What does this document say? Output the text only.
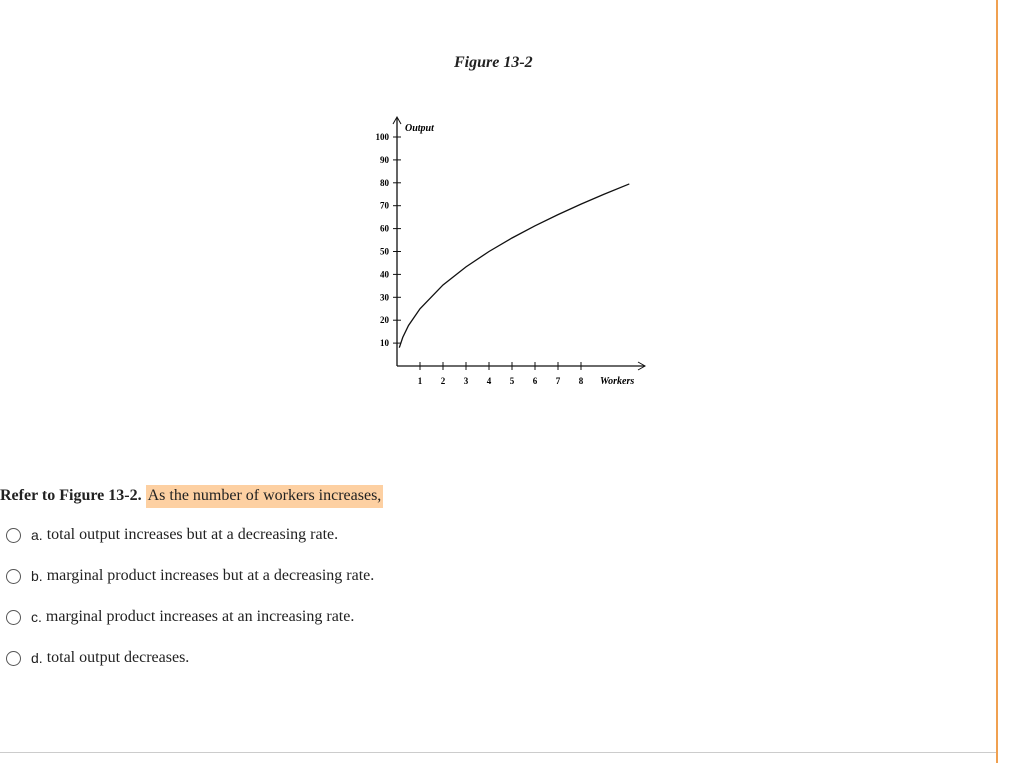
Figure 13-2
10
20
30
40
50
60
70
80
90
100
1 2 3 4 5 6 7 8
Output
Workers
Refer to Figure 13-2. As the number of workers increases,
a. total output increases but at a decreasing rate.
b. marginal product increases but at a decreasing rate.
c. marginal product increases at an increasing rate.
d. total output decreases.
